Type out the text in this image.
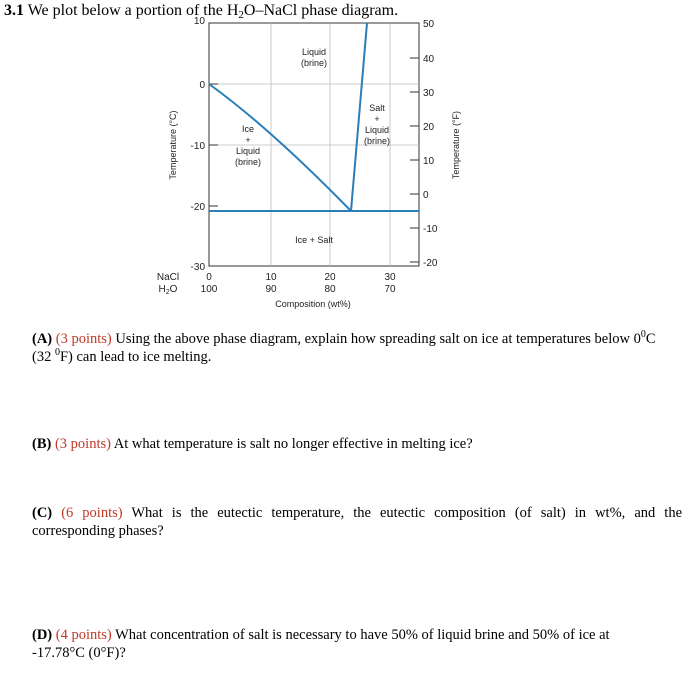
3.1 We plot below a portion of the $H_2O$–NaCl phase diagram.
10
0
-10
-20
-30
50
40
30
20
10
0
-10
-20
Temperature (°C)	Temperature (°F)
NaCl
$H_2O$
0
100
10
90
20
80
30
70
Composition (wt%)
Liquid
(brine)
Ice
+
Liquid
(brine)
Salt
+
Liquid
(brine)
Ice + Salt
(A) (3 points) Using the above phase diagram, explain how spreading salt on ice at temperatures below $0^0C$
(32 $^0$F) can lead to ice melting.
(B) (3 points) At what temperature is salt no longer effective in melting ice?
(C) (6 points) What is the eutectic temperature, the eutectic composition (of salt) in wt%, and the corresponding phases?
(D) (4 points) What concentration of salt is necessary to have 50% of liquid brine and 50% of ice at
-17.78°C (0°F)?
